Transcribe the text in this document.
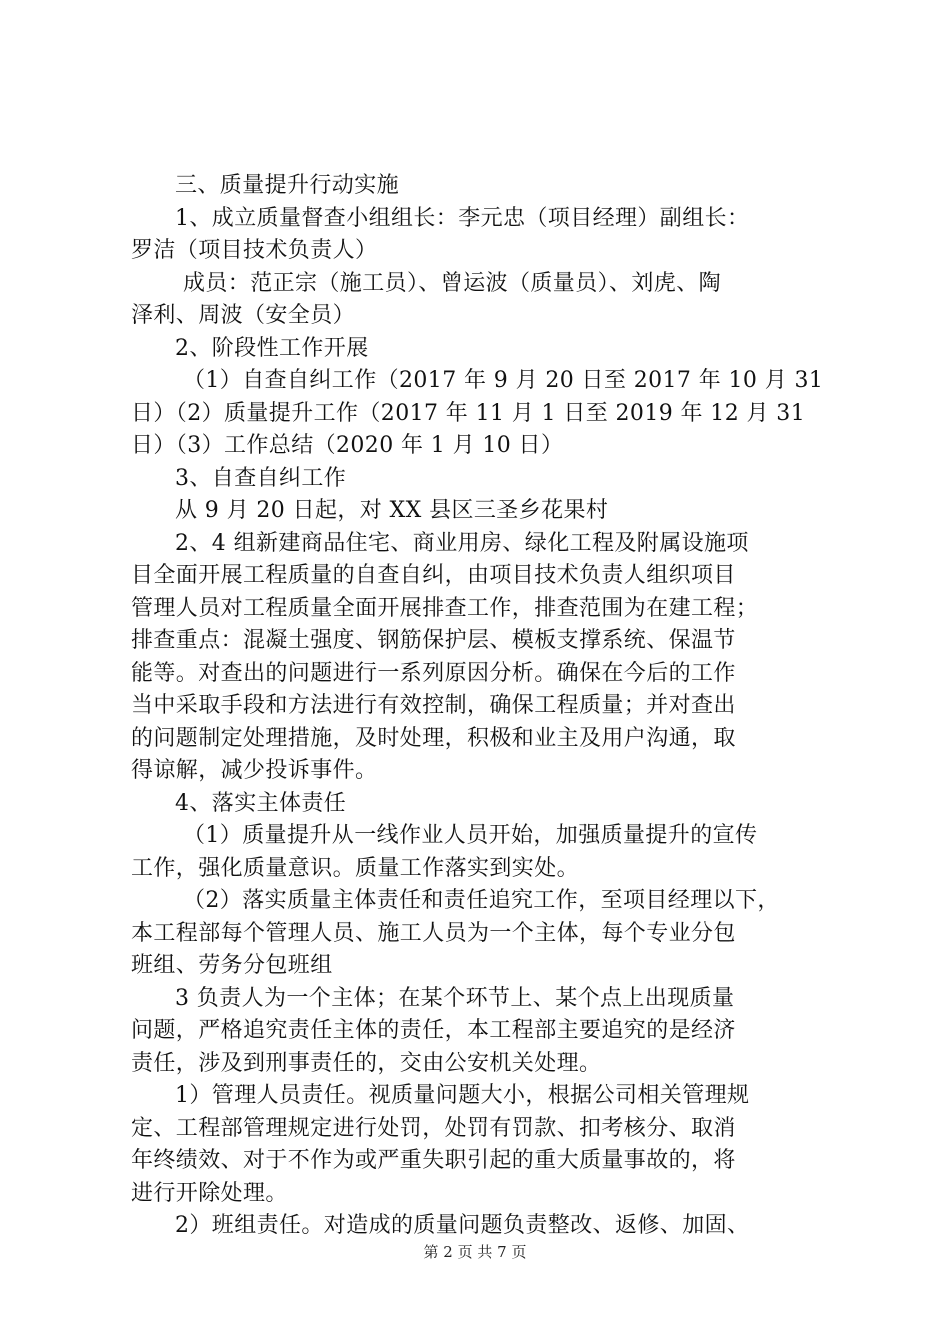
三、质量提升行动实施
1、成立质量督查小组组长：李元忠（项目经理）副组长：
罗洁（项目技术负责人）
成员：范正宗（施工员）、曾运波（质量员）、刘虎、陶
泽利、周波（安全员）
2、阶段性工作开展
（1）自查自纠工作（2017 年 9 月 20 日至 2017 年 10 月 31
日）（2）质量提升工作（2017 年 11 月 1 日至 2019 年 12 月 31
日）（3）工作总结（2020 年 1 月 10 日）
3、自查自纠工作
从 9 月 20 日起，对 XX 县区三圣乡花果村
2、4 组新建商品住宅、商业用房、绿化工程及附属设施项
目全面开展工程质量的自查自纠，由项目技术负责人组织项目
管理人员对工程质量全面开展排查工作，排查范围为在建工程；
排查重点：混凝土强度、钢筋保护层、模板支撑系统、保温节
能等。对查出的问题进行一系列原因分析。确保在今后的工作
当中采取手段和方法进行有效控制，确保工程质量；并对查出
的问题制定处理措施，及时处理，积极和业主及用户沟通，取
得谅解，减少投诉事件。
4、落实主体责任
（1）质量提升从一线作业人员开始，加强质量提升的宣传
工作，强化质量意识。质量工作落实到实处。
（2）落实质量主体责任和责任追究工作，至项目经理以下，
本工程部每个管理人员、施工人员为一个主体，每个专业分包
班组、劳务分包班组
3 负责人为一个主体；在某个环节上、某个点上出现质量
问题，严格追究责任主体的责任，本工程部主要追究的是经济
责任，涉及到刑事责任的，交由公安机关处理。
1）管理人员责任。视质量问题大小，根据公司相关管理规
定、工程部管理规定进行处罚，处罚有罚款、扣考核分、取消
年终绩效、对于不作为或严重失职引起的重大质量事故的，将
进行开除处理。
2）班组责任。对造成的质量问题负责整改、返修、加固、
第 2 页 共 7 页
